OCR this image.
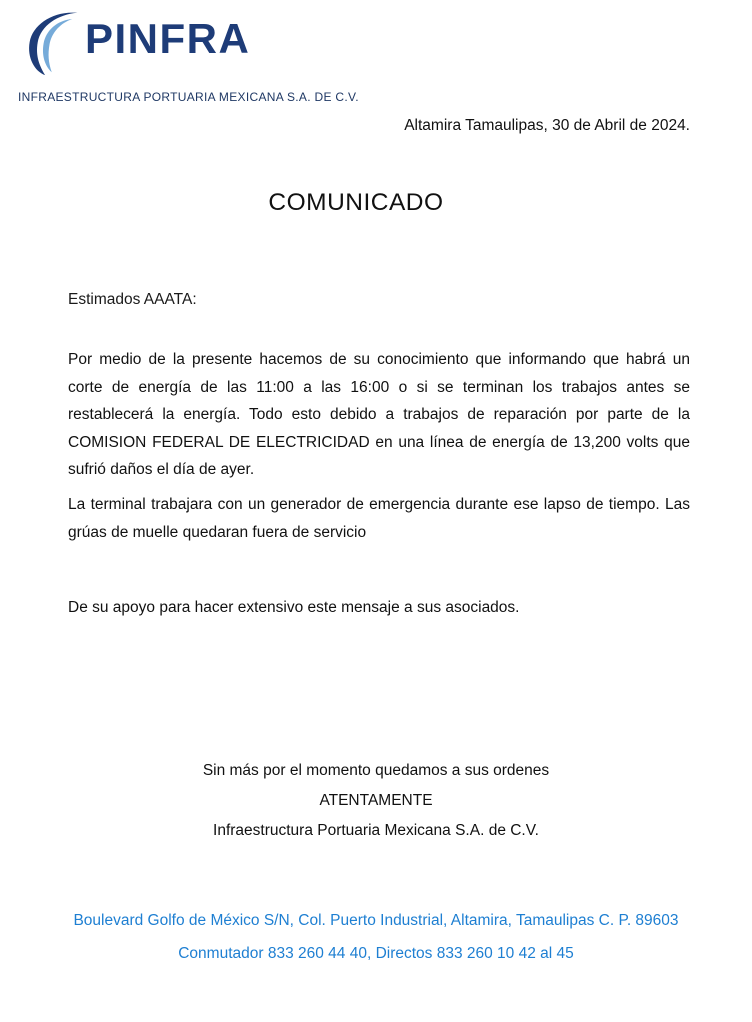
PINFRA
INFRAESTRUCTURA PORTUARIA MEXICANA S.A. DE C.V.
Altamira Tamaulipas, 30 de Abril de 2024.
COMUNICADO
Estimados AAATA:

Por medio de la presente hacemos de su conocimiento que informando que habrá un corte de energía de las 11:00 a las 16:00 o si se terminan los trabajos antes se restablecerá la energía. Todo esto debido a trabajos de reparación por parte de la COMISION FEDERAL DE ELECTRICIDAD en una línea de energía de 13,200 volts que sufrió daños el día de ayer.

La terminal trabajara con un generador de emergencia durante ese lapso de tiempo. Las grúas de muelle quedaran fuera de servicio

De su apoyo para hacer extensivo este mensaje a sus asociados.

Sin más por el momento quedamos a sus ordenes
ATENTAMENTE
Infraestructura Portuaria Mexicana S.A. de C.V.
Boulevard Golfo de México S/N, Col. Puerto Industrial, Altamira, Tamaulipas C. P. 89603
Conmutador 833 260 44 40, Directos 833 260 10 42 al 45
